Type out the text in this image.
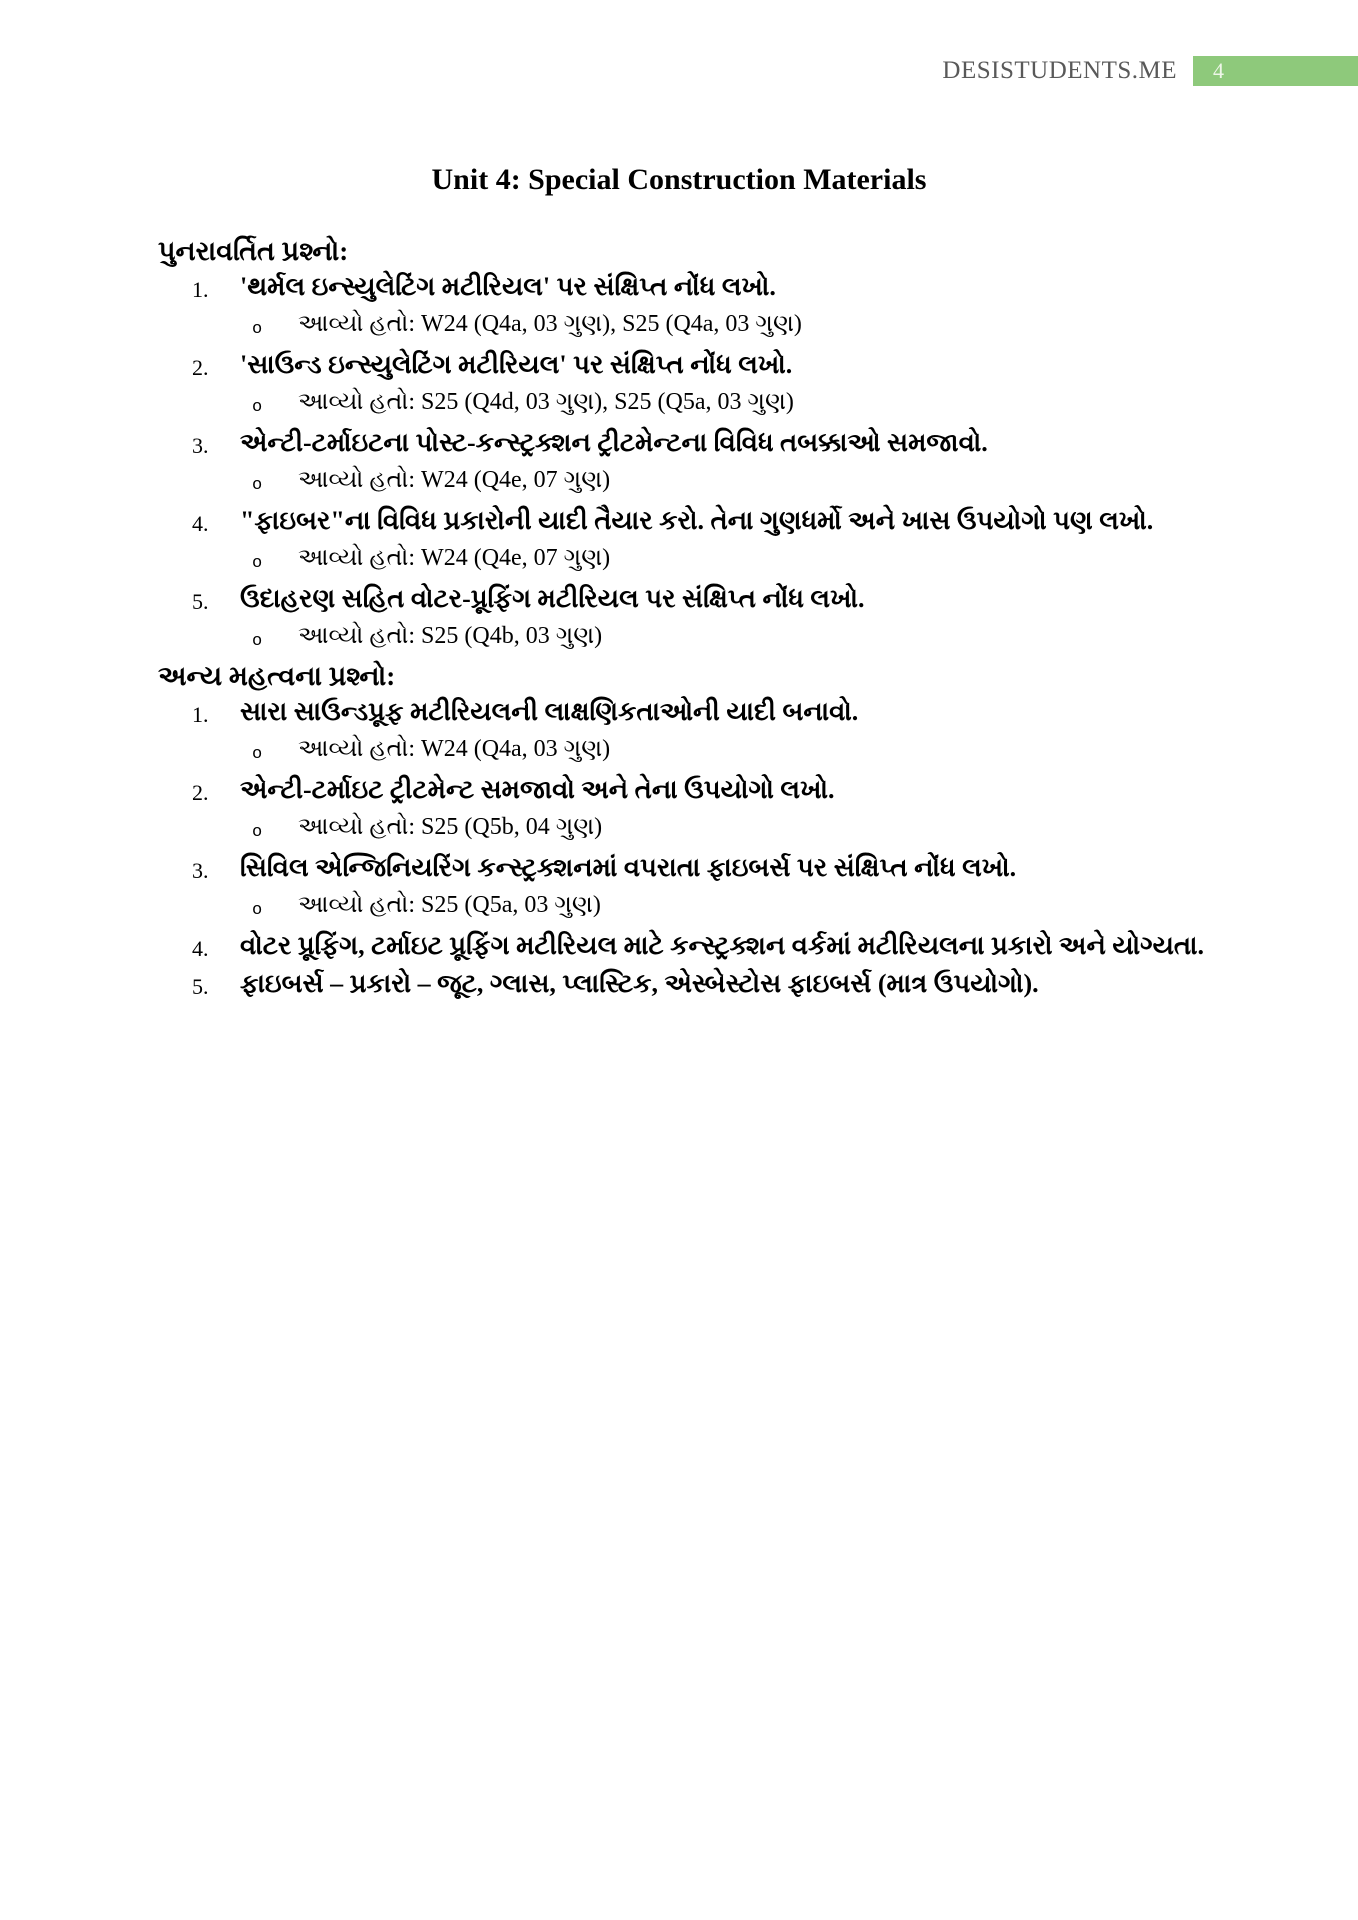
DESISTUDENTS.ME	4
Unit 4: Special Construction Materials
પુનરાવર્તિત પ્રશ્નો:
1.	'થર્મલ ઇન્સ્યુલેટિંગ મટીરિયલ' પર સંક્ષિપ્ત નોંધ લખો.
o	આવ્યો હતો: W24 (Q4a, 03 ગુણ), S25 (Q4a, 03 ગુણ)
2.	'સાઉન્ડ ઇન્સ્યુલેટિંગ મટીરિયલ' પર સંક્ષિપ્ત નોંધ લખો.
o	આવ્યો હતો: S25 (Q4d, 03 ગુણ), S25 (Q5a, 03 ગુણ)
3.	એન્ટી-ટર્માઇટના પોસ્ટ-કન્સ્ટ્રક્શન ટ્રીટમેન્ટના વિવિધ તબક્કાઓ સમજાવો.
o	આવ્યો હતો: W24 (Q4e, 07 ગુણ)
4.	"ફાઇબર"ના વિવિધ પ્રકારોની યાદી તૈયાર કરો. તેના ગુણધર્મો અને ખાસ ઉપયોગો પણ લખો.
o	આવ્યો હતો: W24 (Q4e, 07 ગુણ)
5.	ઉદાહરણ સહિત વોટર-પ્રૂફિંગ મટીરિયલ પર સંક્ષિપ્ત નોંધ લખો.
o	આવ્યો હતો: S25 (Q4b, 03 ગુણ)
અન્ય મહત્વના પ્રશ્નો:
1.	સારા સાઉન્ડપ્રૂફ મટીરિયલની લાક્ષણિકતાઓની યાદી બનાવો.
o	આવ્યો હતો: W24 (Q4a, 03 ગુણ)
2.	એન્ટી-ટર્માઇટ ટ્રીટમેન્ટ સમજાવો અને તેના ઉપયોગો લખો.
o	આવ્યો હતો: S25 (Q5b, 04 ગુણ)
3.	સિવિલ એન્જિનિયરિંગ કન્સ્ટ્રક્શનમાં વપરાતા ફાઇબર્સ પર સંક્ષિપ્ત નોંધ લખો.
o	આવ્યો હતો: S25 (Q5a, 03 ગુણ)
4.	વોટર પ્રૂફિંગ, ટર્માઇટ પ્રૂફિંગ મટીરિયલ માટે કન્સ્ટ્રક્શન વર્કમાં મટીરિયલના પ્રકારો અને યોગ્યતા.
5.	ફાઇબર્સ – પ્રકારો – જૂટ, ગ્લાસ, પ્લાસ્ટિક, એસ્બેસ્ટોસ ફાઇબર્સ (માત્ર ઉપયોગો).
